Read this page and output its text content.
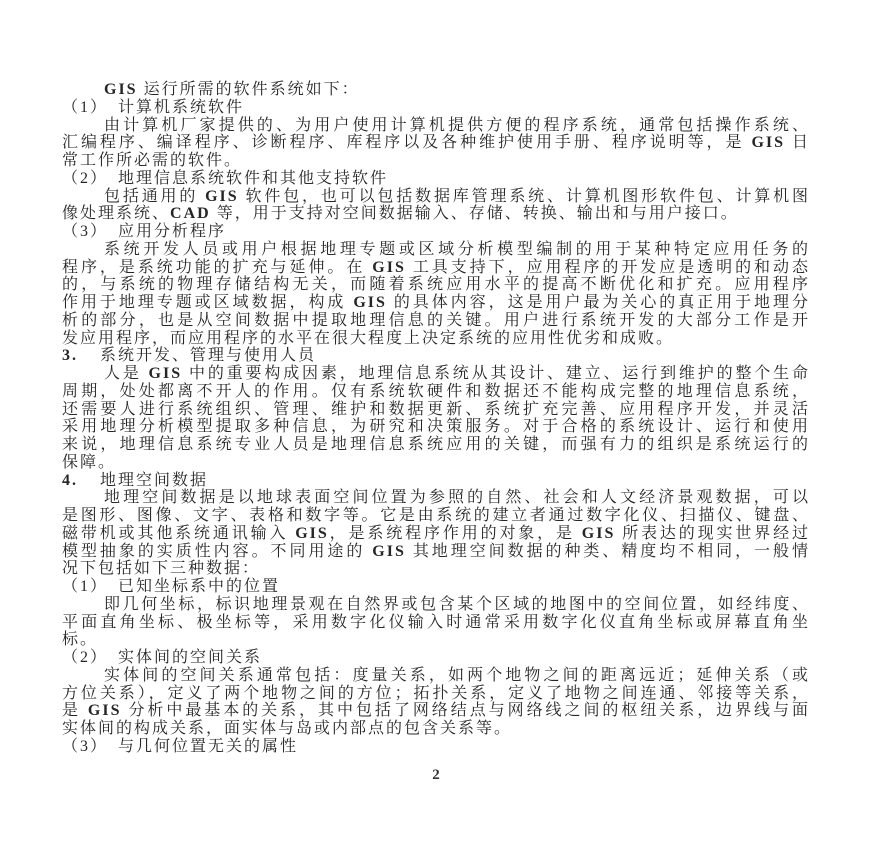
GIS 运行所需的软件系统如下：
（1）　计算机系统软件
由计算机厂家提供的、为用户使用计算机提供方便的程序系统，通常包括操作系统、
汇编程序、编译程序、诊断程序、库程序以及各种维护使用手册、程序说明等，是 GIS 日
常工作所必需的软件。
（2）　地理信息系统软件和其他支持软件
包括通用的 GIS 软件包，也可以包括数据库管理系统、计算机图形软件包、计算机图
像处理系统、CAD 等，用于支持对空间数据输入、存储、转换、输出和与用户接口。
（3）　应用分析程序
系统开发人员或用户根据地理专题或区域分析模型编制的用于某种特定应用任务的
程序，是系统功能的扩充与延伸。在 GIS 工具支持下，应用程序的开发应是透明的和动态
的，与系统的物理存储结构无关，而随着系统应用水平的提高不断优化和扩充。应用程序
作用于地理专题或区域数据，构成 GIS 的具体内容，这是用户最为关心的真正用于地理分
析的部分，也是从空间数据中提取地理信息的关键。用户进行系统开发的大部分工作是开
发应用程序，而应用程序的水平在很大程度上决定系统的应用性优劣和成败。
3. 系统开发、管理与使用人员
人是 GIS 中的重要构成因素，地理信息系统从其设计、建立、运行到维护的整个生命
周期，处处都离不开人的作用。仅有系统软硬件和数据还不能构成完整的地理信息系统，
还需要人进行系统组织、管理、维护和数据更新、系统扩充完善、应用程序开发，并灵活
采用地理分析模型提取多种信息，为研究和决策服务。对于合格的系统设计、运行和使用
来说，地理信息系统专业人员是地理信息系统应用的关键，而强有力的组织是系统运行的
保障。
4. 地理空间数据
地理空间数据是以地球表面空间位置为参照的自然、社会和人文经济景观数据，可以
是图形、图像、文字、表格和数字等。它是由系统的建立者通过数字化仪、扫描仪、键盘、
磁带机或其他系统通讯输入 GIS，是系统程序作用的对象，是 GIS 所表达的现实世界经过
模型抽象的实质性内容。不同用途的 GIS 其地理空间数据的种类、精度均不相同，一般情
况下包括如下三种数据：
（1）　已知坐标系中的位置
即几何坐标，标识地理景观在自然界或包含某个区域的地图中的空间位置，如经纬度、
平面直角坐标、极坐标等，采用数字化仪输入时通常采用数字化仪直角坐标或屏幕直角坐
标。
（2）　实体间的空间关系
实体间的空间关系通常包括：度量关系，如两个地物之间的距离远近；延伸关系（或
方位关系），定义了两个地物之间的方位；拓扑关系，定义了地物之间连通、邻接等关系，
是 GIS 分析中最基本的关系，其中包括了网络结点与网络线之间的枢纽关系，边界线与面
实体间的构成关系，面实体与岛或内部点的包含关系等。
（3）　与几何位置无关的属性
2
